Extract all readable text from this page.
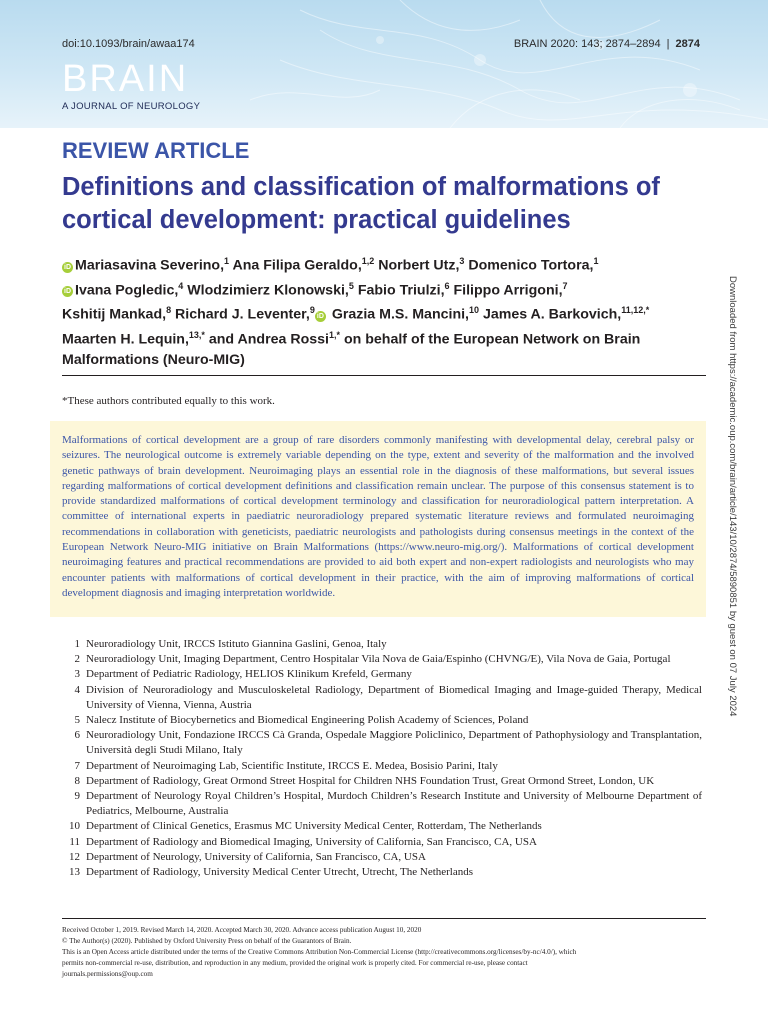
doi:10.1093/brain/awaa174	BRAIN 2020: 143; 2874–2894 | 2874
BRAIN
A JOURNAL OF NEUROLOGY
REVIEW ARTICLE
Definitions and classification of malformations of cortical development: practical guidelines
iD Mariasavina Severino,$^1$ Ana Filipa Geraldo,$^{1,2}$ Norbert Utz,$^3$ Domenico Tortora,$^1$
iD Ivana Pogledic,$^4$ Wlodzimierz Klonowski,$^5$ Fabio Triulzi,$^6$ Filippo Arrigoni,$^7$
Kshitij Mankad,$^8$ Richard J. Leventer,$^9$iD Grazia M.S. Mancini,$^{10}$ James A. Barkovich,$^{11,12,*}$
Maarten H. Lequin,$^{13,*}$ and Andrea Rossi$^{1,*}$ on behalf of the European Network on Brain
Malformations (Neuro-MIG)
*These authors contributed equally to this work.

Malformations of cortical development are a group of rare disorders commonly manifesting with developmental delay, cerebral palsy or seizures. The neurological outcome is extremely variable depending on the type, extent and severity of the malformation and the involved genetic pathways of brain development. Neuroimaging plays an essential role in the diagnosis of these malformations, but several issues regarding malformations of cortical development definitions and classification remain unclear. The purpose of this consensus statement is to provide standardized malformations of cortical development terminology and classification for neuroradiological pattern interpretation. A committee of international experts in paediatric neuroradiology prepared systematic literature reviews and formulated neuroimaging recommendations in collaboration with geneticists, paediatric neurologists and pathologists during consensus meetings in the context of the European Network Neuro-MIG initiative on Brain Malformations (https://www.neuro-mig.org/). Malformations of cortical development neuroimaging features and practical recommendations are provided to aid both expert and non-expert radiologists and neurologists who may encounter patients with malformations of cortical development in their practice, with the aim of improving malformations of cortical development diagnosis and imaging interpretation worldwide.

1 Neuroradiology Unit, IRCCS Istituto Giannina Gaslini, Genoa, Italy
2 Neuroradiology Unit, Imaging Department, Centro Hospitalar Vila Nova de Gaia/Espinho (CHVNG/E), Vila Nova de Gaia, Portugal
3 Department of Pediatric Radiology, HELIOS Klinikum Krefeld, Germany
4 Division of Neuroradiology and Musculoskeletal Radiology, Department of Biomedical Imaging and Image-guided Therapy, Medical University of Vienna, Vienna, Austria
5 Nalecz Institute of Biocybernetics and Biomedical Engineering Polish Academy of Sciences, Poland
6 Neuroradiology Unit, Fondazione IRCCS Cà Granda, Ospedale Maggiore Policlinico, Department of Pathophysiology and Transplantation, Università degli Studi Milano, Italy
7 Department of Neuroimaging Lab, Scientific Institute, IRCCS E. Medea, Bosisio Parini, Italy
8 Department of Radiology, Great Ormond Street Hospital for Children NHS Foundation Trust, Great Ormond Street, London, UK
9 Department of Neurology Royal Children’s Hospital, Murdoch Children’s Research Institute and University of Melbourne Department of Pediatrics, Melbourne, Australia
10 Department of Clinical Genetics, Erasmus MC University Medical Center, Rotterdam, The Netherlands
11 Department of Radiology and Biomedical Imaging, University of California, San Francisco, CA, USA
12 Department of Neurology, University of California, San Francisco, CA, USA
13 Department of Radiology, University Medical Center Utrecht, Utrecht, The Netherlands
Received October 1, 2019. Revised March 14, 2020. Accepted March 30, 2020. Advance access publication August 10, 2020
© The Author(s) (2020). Published by Oxford University Press on behalf of the Guarantors of Brain.
This is an Open Access article distributed under the terms of the Creative Commons Attribution Non-Commercial License (http://creativecommons.org/licenses/by-nc/4.0/), which
permits non-commercial re-use, distribution, and reproduction in any medium, provided the original work is properly cited. For commercial re-use, please contact
journals.permissions@oup.com
Downloaded from https://academic.oup.com/brain/article/143/10/2874/5890851 by guest on 07 July 2024
